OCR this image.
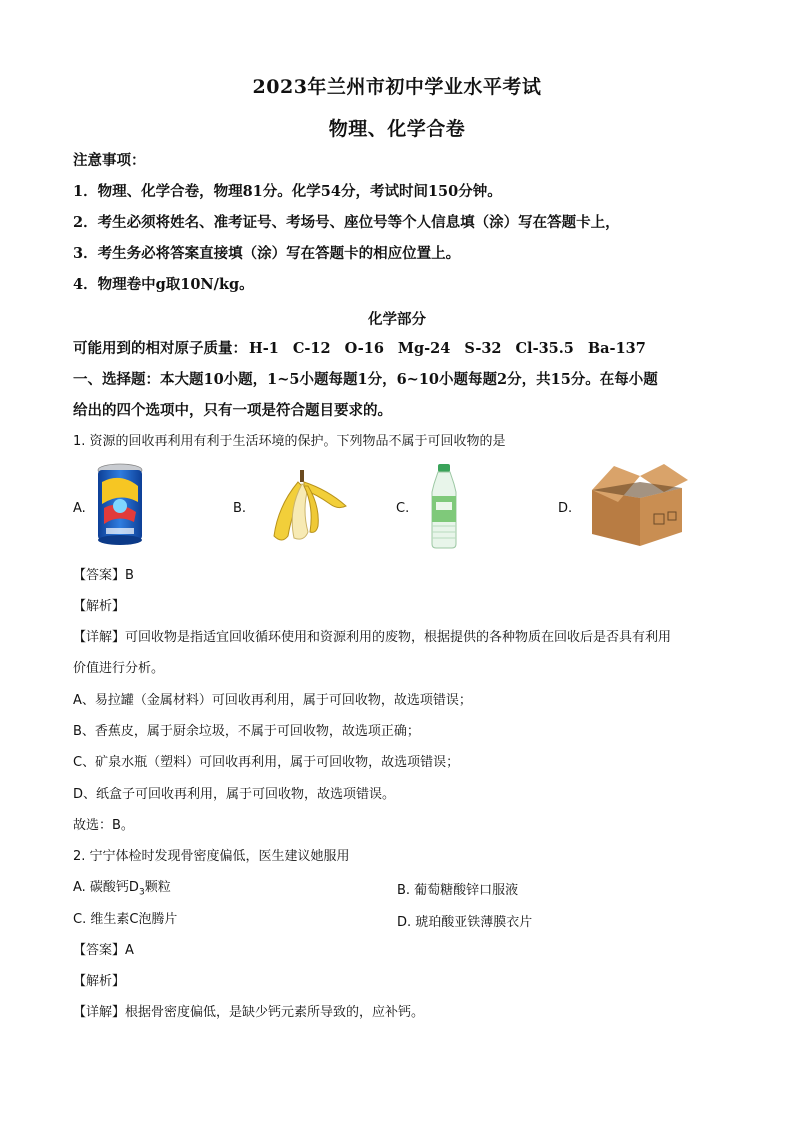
2023年兰州市初中学业水平考试
物理、化学合卷
注意事项：
1．物理、化学合卷，物理81分。化学54分，考试时间150分钟。
2．考生必须将姓名、准考证号、考场号、座位号等个人信息填（涂）写在答题卡上，
3．考生务必将答案直接填（涂）写在答题卡的相应位置上。
4．物理卷中g取10N/kg。
化学部分
可能用到的相对原子质量： H-1 C-12 O-16 Mg-24 S-32 Cl-35.5 Ba-137
一、选择题：本大题10小题，1~5小题每题1分，6~10小题每题2分，共15分。在每小题
给出的四个选项中，只有一项是符合题目要求的。
1. 资源的回收再利用有利于生活环境的保护。下列物品不属于可回收物的是
A.	B.	C.	D.
【答案】B
【解析】
【详解】可回收物是指适宜回收循环使用和资源利用的废物，根据提供的各种物质在回收后是否具有利用
价值进行分析。
A、易拉罐（金属材料）可回收再利用，属于可回收物，故选项错误；
B、香蕉皮，属于厨余垃圾，不属于可回收物，故选项正确；
C、矿泉水瓶（塑料）可回收再利用，属于可回收物，故选项错误；
D、纸盒子可回收再利用，属于可回收物，故选项错误。
故选：B。
2. 宁宁体检时发现骨密度偏低，医生建议她服用
A. 碳酸钙$D_3$颗粒	B. 葡萄糖酸锌口服液
C. 维生素C泡腾片	D. 琥珀酸亚铁薄膜衣片
【答案】A
【解析】
【详解】根据骨密度偏低，是缺少钙元素所导致的，应补钙。
